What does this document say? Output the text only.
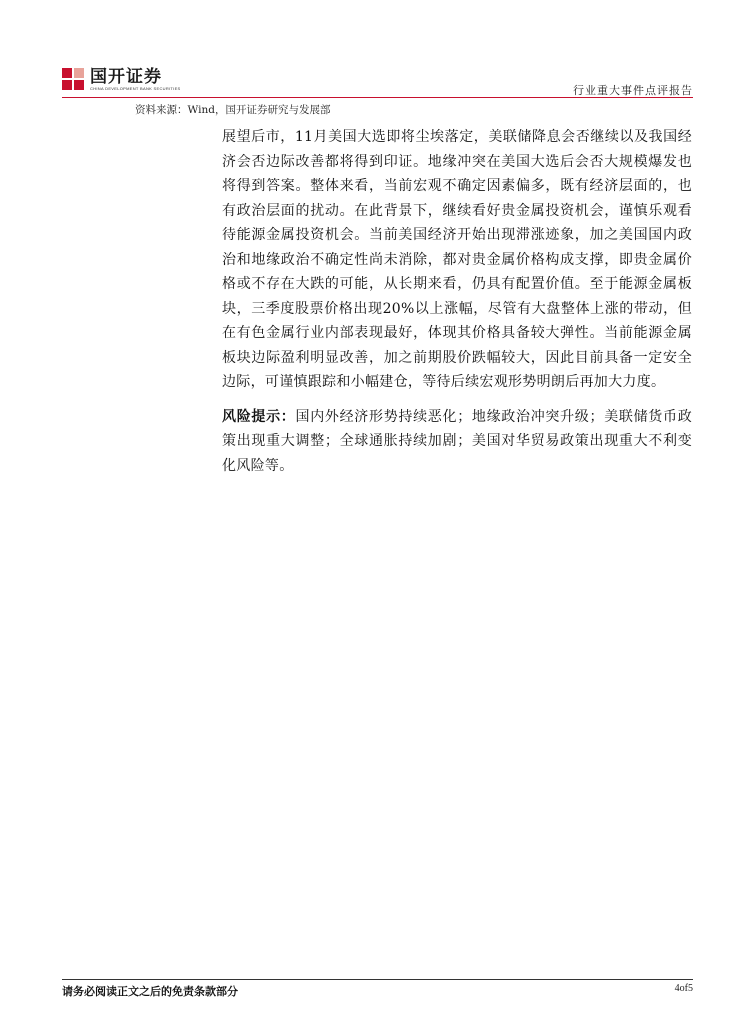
国开证券
CHINA DEVELOPMENT BANK SECURITIES	行业重大事件点评报告
资料来源：Wind，国开证券研究与发展部

展望后市，11月美国大选即将尘埃落定，美联储降息会否继续以及我国经济会否边际改善都将得到印证。地缘冲突在美国大选后会否大规模爆发也将得到答案。整体来看，当前宏观不确定因素偏多，既有经济层面的，也有政治层面的扰动。在此背景下，继续看好贵金属投资机会，谨慎乐观看待能源金属投资机会。当前美国经济开始出现滞涨迹象，加之美国国内政治和地缘政治不确定性尚未消除，都对贵金属价格构成支撑，即贵金属价格或不存在大跌的可能，从长期来看，仍具有配置价值。至于能源金属板块，三季度股票价格出现20%以上涨幅，尽管有大盘整体上涨的带动，但在有色金属行业内部表现最好，体现其价格具备较大弹性。当前能源金属板块边际盈利明显改善，加之前期股价跌幅较大，因此目前具备一定安全边际，可谨慎跟踪和小幅建仓，等待后续宏观形势明朗后再加大力度。

风险提示：国内外经济形势持续恶化；地缘政治冲突升级；美联储货币政策出现重大调整；全球通胀持续加剧；美国对华贸易政策出现重大不利变化风险等。

请务必阅读正文之后的免责条款部分	4of5
